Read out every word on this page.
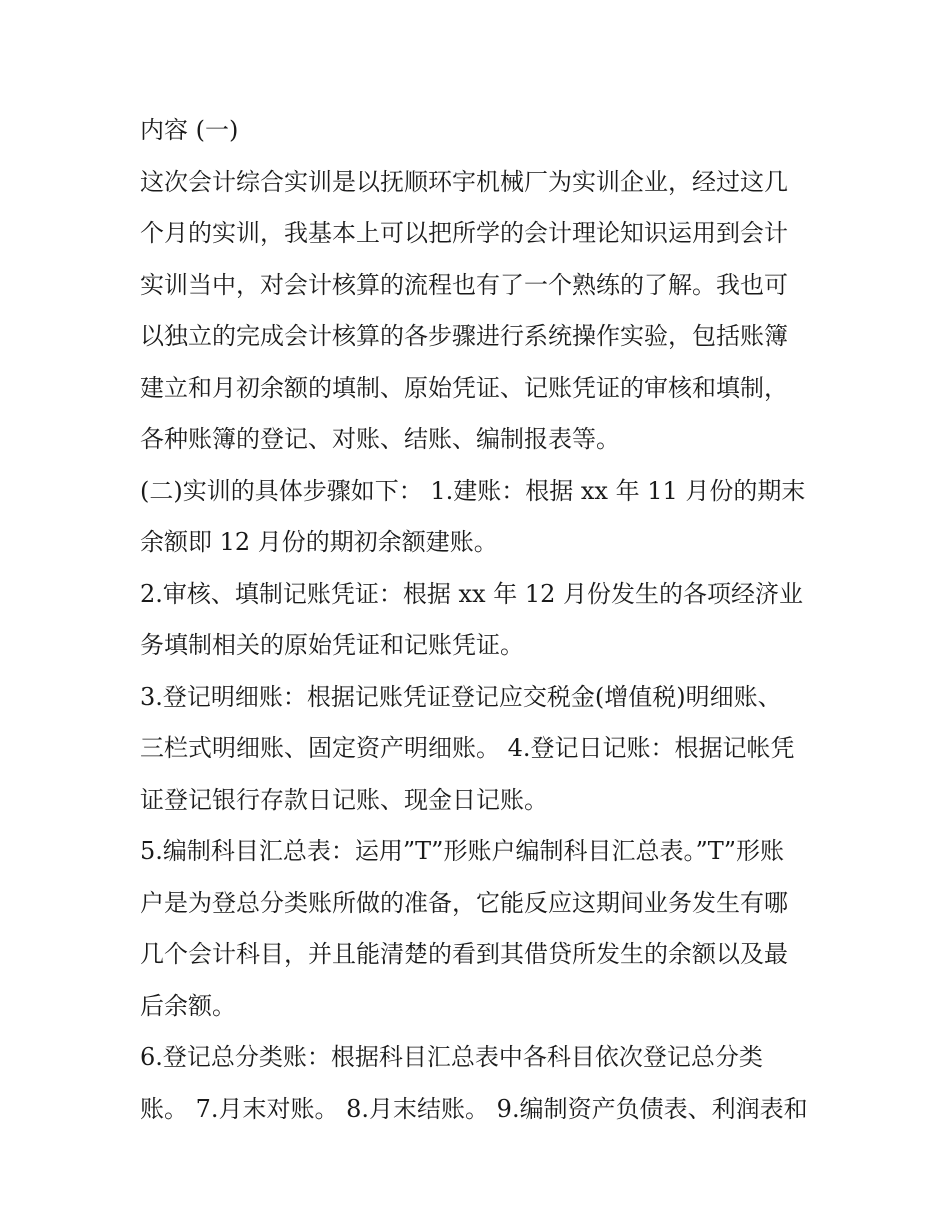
内容 (一)

这次会计综合实训是以抚顺环宇机械厂为实训企业，经过这几
个月的实训，我基本上可以把所学的会计理论知识运用到会计
实训当中，对会计核算的流程也有了一个熟练的了解。我也可
以独立的完成会计核算的各步骤进行系统操作实验，包括账簿
建立和月初余额的填制、原始凭证、记账凭证的审核和填制，
各种账簿的登记、对账、结账、编制报表等。

(二)实训的具体步骤如下： 1.建账：根据 xx 年 11 月份的期末
余额即 12 月份的期初余额建账。

2.审核、填制记账凭证：根据 xx 年 12 月份发生的各项经济业
务填制相关的原始凭证和记账凭证。

3.登记明细账：根据记账凭证登记应交税金(增值税)明细账、
三栏式明细账、固定资产明细账。 4.登记日记账：根据记帐凭
证登记银行存款日记账、现金日记账。

5.编制科目汇总表：运用”T”形账户编制科目汇总表。”T”形账
户是为登总分类账所做的准备，它能反应这期间业务发生有哪
几个会计科目，并且能清楚的看到其借贷所发生的余额以及最
后余额。

6.登记总分类账：根据科目汇总表中各科目依次登记总分类
账。 7.月末对账。 8.月末结账。 9.编制资产负债表、利润表和
